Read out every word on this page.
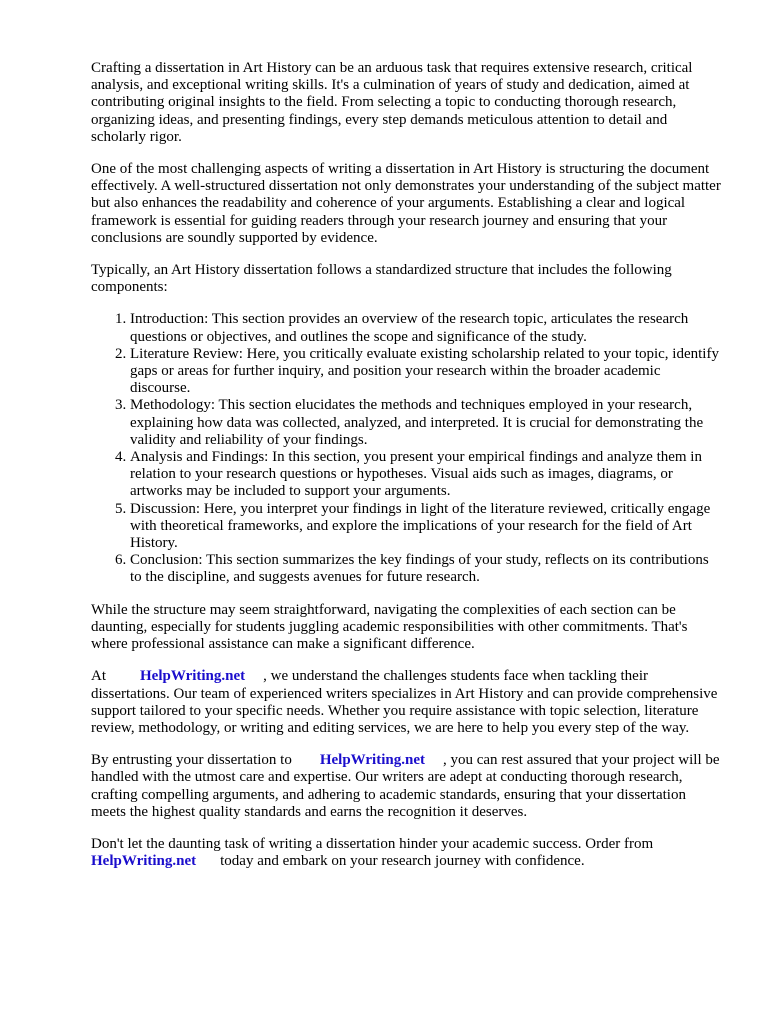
Crafting a dissertation in Art History can be an arduous task that requires extensive research, critical analysis, and exceptional writing skills. It's a culmination of years of study and dedication, aimed at contributing original insights to the field. From selecting a topic to conducting thorough research, organizing ideas, and presenting findings, every step demands meticulous attention to detail and scholarly rigor.

One of the most challenging aspects of writing a dissertation in Art History is structuring the document effectively. A well-structured dissertation not only demonstrates your understanding of the subject matter but also enhances the readability and coherence of your arguments. Establishing a clear and logical framework is essential for guiding readers through your research journey and ensuring that your conclusions are soundly supported by evidence.

Typically, an Art History dissertation follows a standardized structure that includes the following components:

1. Introduction: This section provides an overview of the research topic, articulates the research questions or objectives, and outlines the scope and significance of the study.
2. Literature Review: Here, you critically evaluate existing scholarship related to your topic, identify gaps or areas for further inquiry, and position your research within the broader academic discourse.
3. Methodology: This section elucidates the methods and techniques employed in your research, explaining how data was collected, analyzed, and interpreted. It is crucial for demonstrating the validity and reliability of your findings.
4. Analysis and Findings: In this section, you present your empirical findings and analyze them in relation to your research questions or hypotheses. Visual aids such as images, diagrams, or artworks may be included to support your arguments.
5. Discussion: Here, you interpret your findings in light of the literature reviewed, critically engage with theoretical frameworks, and explore the implications of your research for the field of Art History.
6. Conclusion: This section summarizes the key findings of your study, reflects on its contributions to the discipline, and suggests avenues for future research.

While the structure may seem straightforward, navigating the complexities of each section can be daunting, especially for students juggling academic responsibilities with other commitments. That's where professional assistance can make a significant difference.

At HelpWriting.net , we understand the challenges students face when tackling their dissertations. Our team of experienced writers specializes in Art History and can provide comprehensive support tailored to your specific needs. Whether you require assistance with topic selection, literature review, methodology, or writing and editing services, we are here to help you every step of the way.

By entrusting your dissertation to HelpWriting.net , you can rest assured that your project will be handled with the utmost care and expertise. Our writers are adept at conducting thorough research, crafting compelling arguments, and adhering to academic standards, ensuring that your dissertation meets the highest quality standards and earns the recognition it deserves.

Don't let the daunting task of writing a dissertation hinder your academic success. Order from HelpWriting.net today and embark on your research journey with confidence.
